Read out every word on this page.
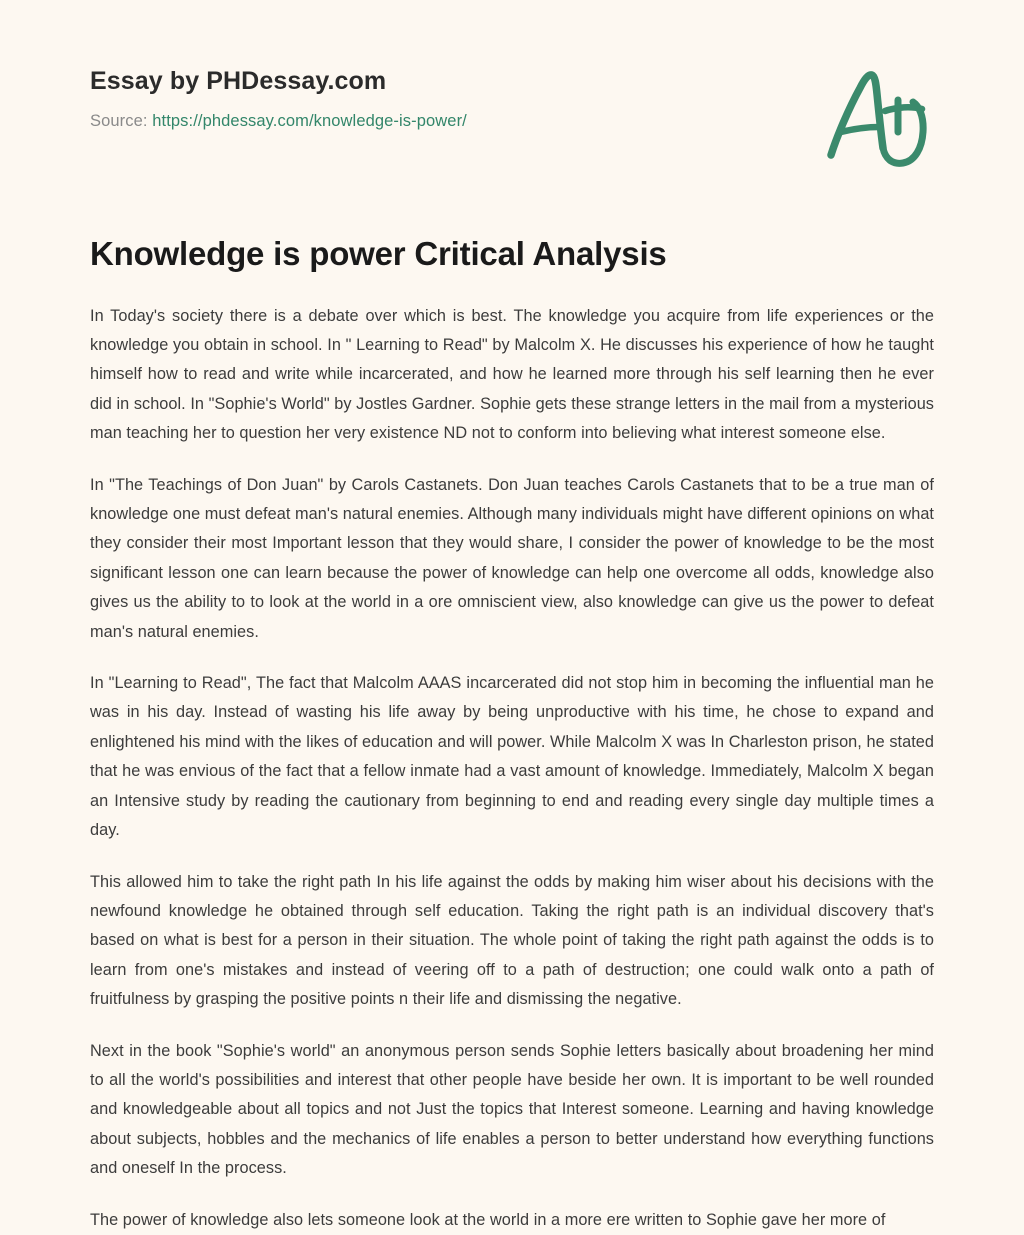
Essay by PHDessay.com
Source: https://phdessay.com/knowledge-is-power/
Knowledge is power Critical Analysis

In Today's society there is a debate over which is best. The knowledge you acquire from life experiences or the knowledge you obtain in school. In " Learning to Read" by Malcolm X. He discusses his experience of how he taught himself how to read and write while incarcerated, and how he learned more through his self learning then he ever did in school. In "Sophie's World" by Jostles Gardner. Sophie gets these strange letters in the mail from a mysterious man teaching her to question her very existence ND not to conform into believing what interest someone else.

In "The Teachings of Don Juan" by Carols Castanets. Don Juan teaches Carols Castanets that to be a true man of knowledge one must defeat man's natural enemies. Although many individuals might have different opinions on what they consider their most Important lesson that they would share, I consider the power of knowledge to be the most significant lesson one can learn because the power of knowledge can help one overcome all odds, knowledge also gives us the ability to to look at the world in a ore omniscient view, also knowledge can give us the power to defeat man's natural enemies.

In "Learning to Read", The fact that Malcolm AAAS incarcerated did not stop him in becoming the influential man he was in his day. Instead of wasting his life away by being unproductive with his time, he chose to expand and enlightened his mind with the likes of education and will power. While Malcolm X was In Charleston prison, he stated that he was envious of the fact that a fellow inmate had a vast amount of knowledge. Immediately, Malcolm X began an Intensive study by reading the cautionary from beginning to end and reading every single day multiple times a day.

This allowed him to take the right path In his life against the odds by making him wiser about his decisions with the newfound knowledge he obtained through self education. Taking the right path is an individual discovery that's based on what is best for a person in their situation. The whole point of taking the right path against the odds is to learn from one's mistakes and instead of veering off to a path of destruction; one could walk onto a path of fruitfulness by grasping the positive points n their life and dismissing the negative.

Next in the book "Sophie's world" an anonymous person sends Sophie letters basically about broadening her mind to all the world's possibilities and interest that other people have beside her own. It is important to be well rounded and knowledgeable about all topics and not Just the topics that Interest someone. Learning and having knowledge about subjects, hobbles and the mechanics of life enables a person to better understand how everything functions and oneself In the process.

The power of knowledge also lets someone look at the world in a more ere written to Sophie gave her more of
